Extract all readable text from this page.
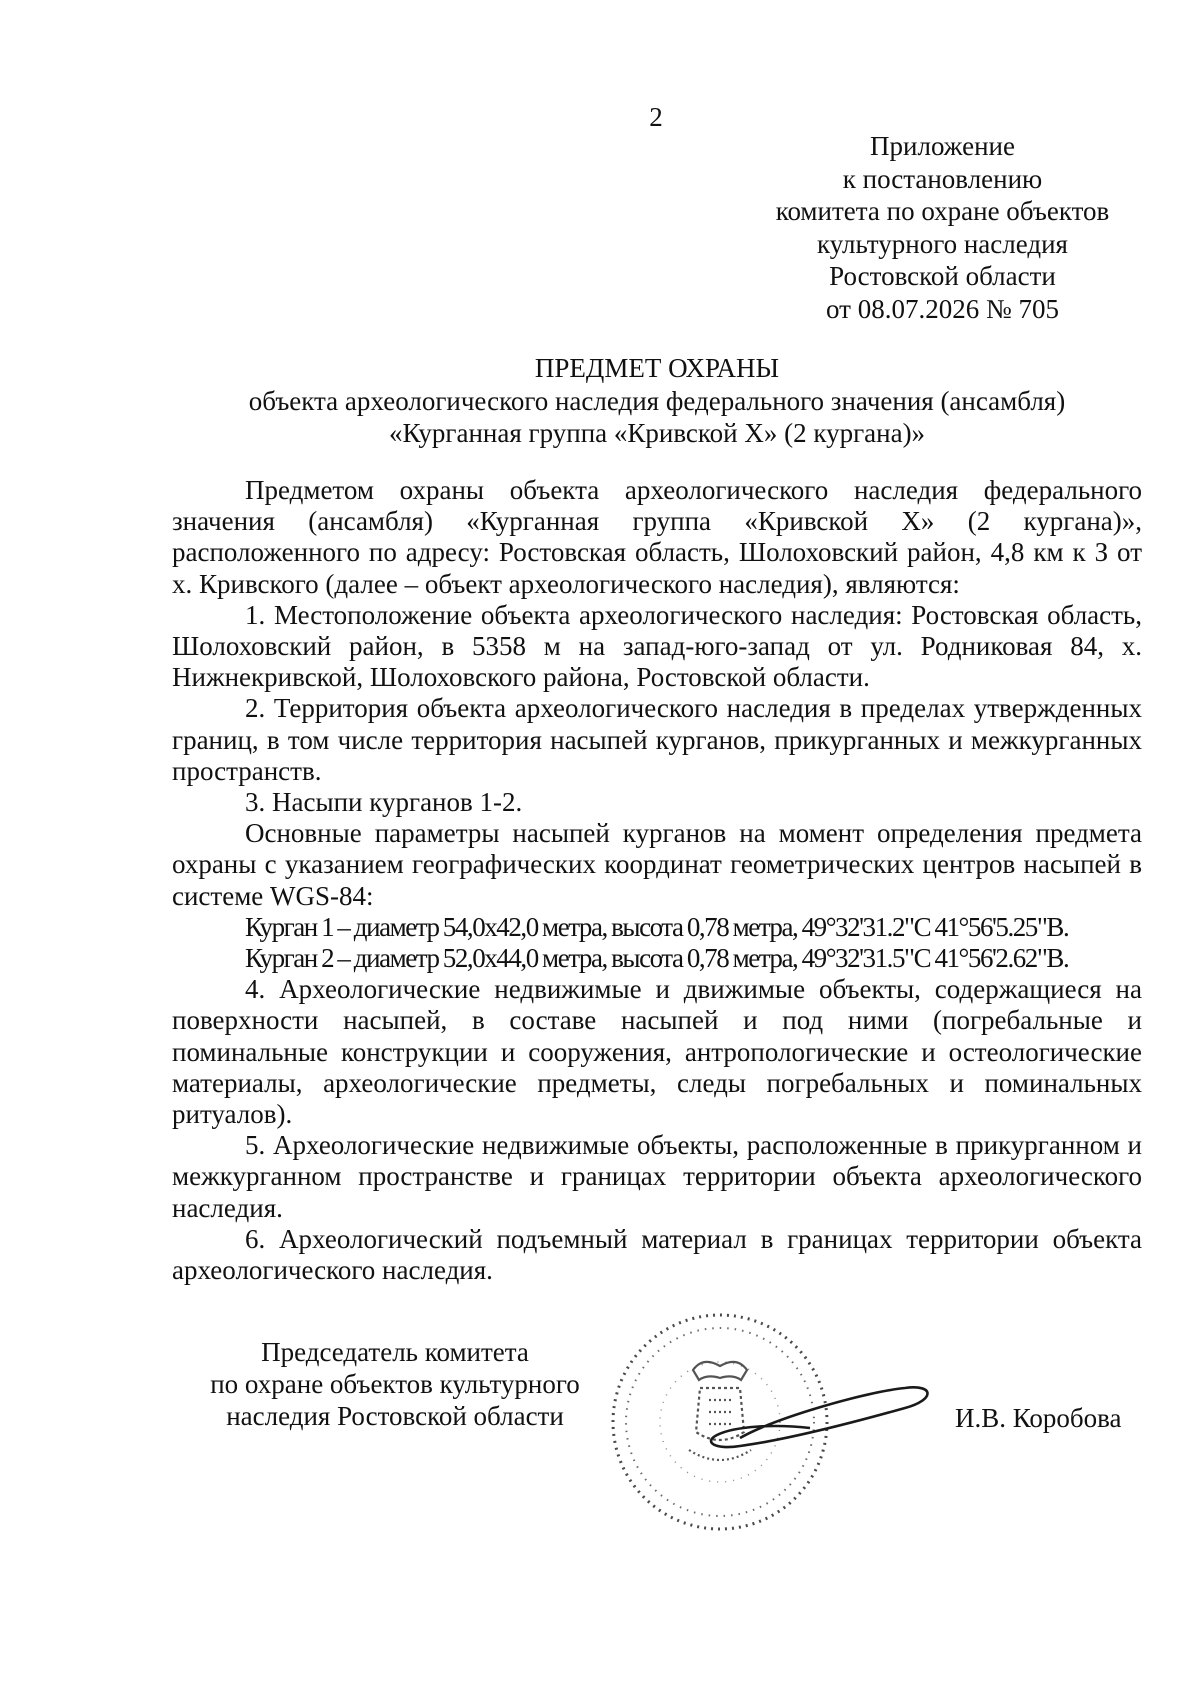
2
Приложение
к постановлению
комитета по охране объектов
культурного наследия
Ростовской области
от 08.07.2026 № 705
ПРЕДМЕТ ОХРАНЫ
объекта археологического наследия федерального значения (ансамбля)
«Курганная группа «Кривской Х» (2 кургана)»

Предметом охраны объекта археологического наследия федерального значения (ансамбля) «Курганная группа «Кривской Х» (2 кургана)», расположенного по адресу: Ростовская область, Шолоховский район, 4,8 км к З от х. Кривского (далее – объект археологического наследия), являются:

1. Местоположение объекта археологического наследия: Ростовская область, Шолоховский район, в 5358 м на запад-юго-запад от ул. Родниковая 84, х. Нижнекривской, Шолоховского района, Ростовской области.

2. Территория объекта археологического наследия в пределах утвержденных границ, в том числе территория насыпей курганов, прикурганных и межкурганных пространств.

3. Насыпи курганов 1-2.

Основные параметры насыпей курганов на момент определения предмета охраны с указанием географических координат геометрических центров насыпей в системе WGS-84:

Курган 1 – диаметр 54,0х42,0 метра, высота 0,78 метра, 49°32'31.2"С 41°56'5.25"В.

Курган 2 – диаметр 52,0х44,0 метра, высота 0,78 метра, 49°32'31.5"С 41°56'2.62"В.

4. Археологические недвижимые и движимые объекты, содержащиеся на поверхности насыпей, в составе насыпей и под ними (погребальные и поминальные конструкции и сооружения, антропологические и остеологические материалы, археологические предметы, следы погребальных и поминальных ритуалов).

5. Археологические недвижимые объекты, расположенные в прикурганном и межкурганном пространстве и границах территории объекта археологического наследия.

6. Археологический подъемный материал в границах территории объекта археологического наследия.

Председатель комитета
по охране объектов культурного
наследия Ростовской области	И.В. Коробова
